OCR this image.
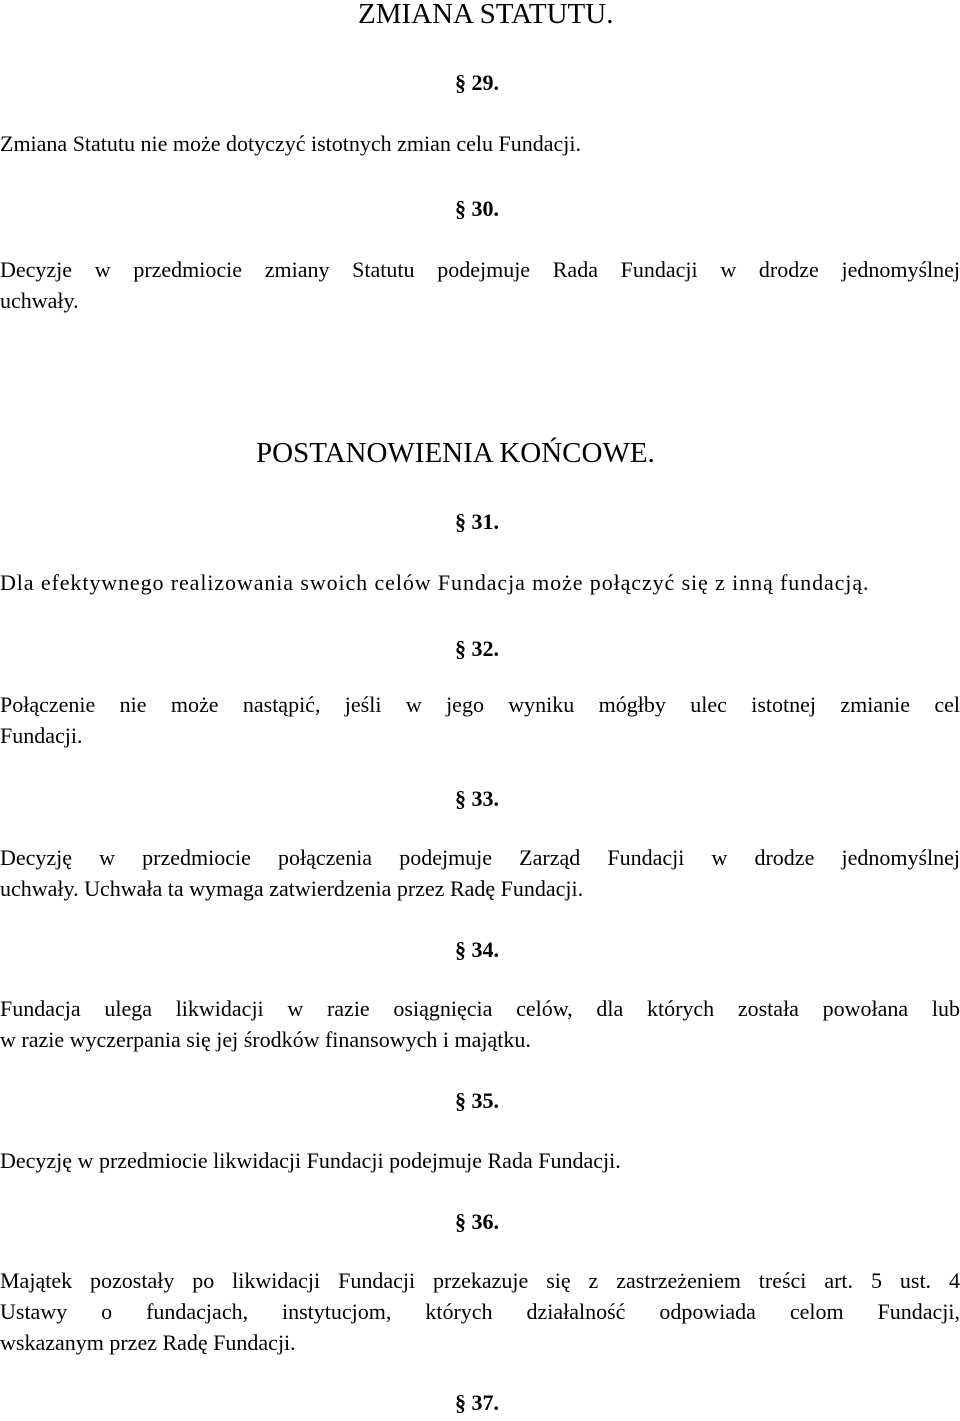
ZMIANA STATUTU.
§ 29.
Zmiana Statutu nie może dotyczyć istotnych zmian celu Fundacji.
§ 30.
Decyzje w przedmiocie zmiany Statutu podejmuje Rada Fundacji w drodze jednomyślnej
uchwały.
POSTANOWIENIA KOŃCOWE.
§ 31.
Dla efektywnego realizowania swoich celów Fundacja może połączyć się z inną fundacją.
§ 32.
Połączenie nie może nastąpić, jeśli w jego wyniku mógłby ulec istotnej zmianie cel
Fundacji.
§ 33.
Decyzję w przedmiocie połączenia podejmuje Zarząd Fundacji w drodze jednomyślnej
uchwały. Uchwała ta wymaga zatwierdzenia przez Radę Fundacji.
§ 34.
Fundacja ulega likwidacji w razie osiągnięcia celów, dla których została powołana lub
w razie wyczerpania się jej środków finansowych i majątku.
§ 35.
Decyzję w przedmiocie likwidacji Fundacji podejmuje Rada Fundacji.
§ 36.
Majątek pozostały po likwidacji Fundacji przekazuje się z zastrzeżeniem treści art. 5 ust. 4
Ustawy o fundacjach, instytucjom, których działalność odpowiada celom Fundacji,
wskazanym przez Radę Fundacji.
§ 37.
